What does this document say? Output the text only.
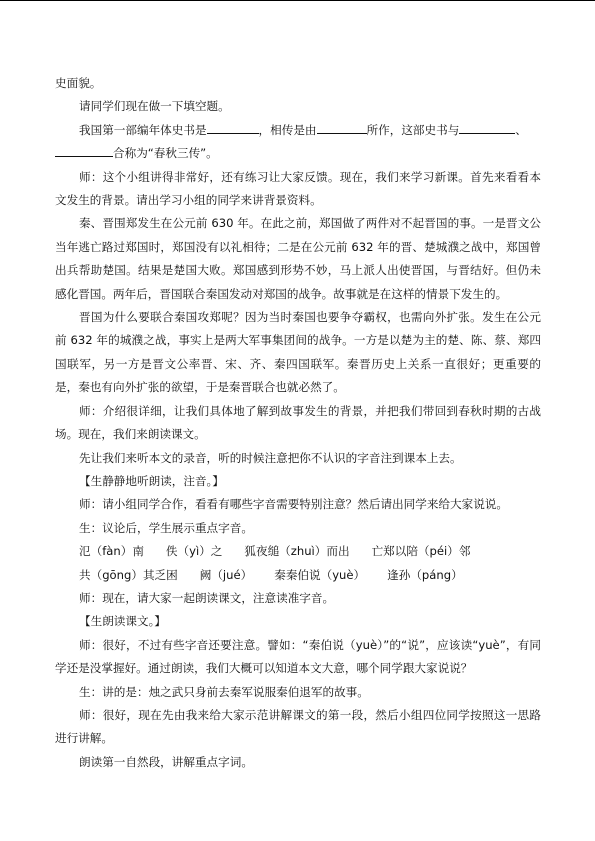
史面貌。

请同学们现在做一下填空题。

我国第一部编年体史书是	，相传是由	所作，这部史书与	、

合称为“春秋三传”。

师：这个小组讲得非常好，还有练习让大家反馈。现在，我们来学习新课。首先来看看本文发生的背景。请出学习小组的同学来讲背景资料。

秦、晋围郑发生在公元前 630 年。在此之前，郑国做了两件对不起晋国的事。一是晋文公当年逃亡路过郑国时，郑国没有以礼相待；二是在公元前 632 年的晋、楚城濮之战中，郑国曾出兵帮助楚国。结果是楚国大败。郑国感到形势不妙，马上派人出使晋国，与晋结好。但仍未感化晋国。两年后，晋国联合秦国发动对郑国的战争。故事就是在这样的情景下发生的。

晋国为什么要联合秦国攻郑呢？因为当时秦国也要争夺霸权，也需向外扩张。发生在公元前 632 年的城濮之战，事实上是两大军事集团间的战争。一方是以楚为主的楚、陈、蔡、郑四国联军，另一方是晋文公率晋、宋、齐、秦四国联军。秦晋历史上关系一直很好；更重要的是，秦也有向外扩张的欲望，于是秦晋联合也就必然了。

师：介绍很详细，让我们具体地了解到故事发生的背景，并把我们带回到春秋时期的古战场。现在，我们来朗读课文。

先让我们来听本文的录音，听的时候注意把你不认识的字音注到课本上去。

【生静静地听朗读，注音。】

师：请小组同学合作，看看有哪些字音需要特别注意？然后请出同学来给大家说说。

生：议论后，学生展示重点字音。

氾（fàn）南 佚（yì）之 狐夜缒（zhuì）而出 亡郑以陪（péi）邻
共（gōng）其乏困 阙（jué） 秦秦伯说（yuè） 逢孙（páng）

师：现在，请大家一起朗读课文，注意读准字音。

【生朗读课文。】

师：很好，不过有些字音还要注意。譬如：“秦伯说（yuè）”的“说”，应该读“yuè”，有同学还是没掌握好。通过朗读，我们大概可以知道本文大意，哪个同学跟大家说说？

生：讲的是：烛之武只身前去秦军说服秦伯退军的故事。

师：很好，现在先由我来给大家示范讲解课文的第一段，然后小组四位同学按照这一思路进行讲解。

朗读第一自然段，讲解重点字词。
